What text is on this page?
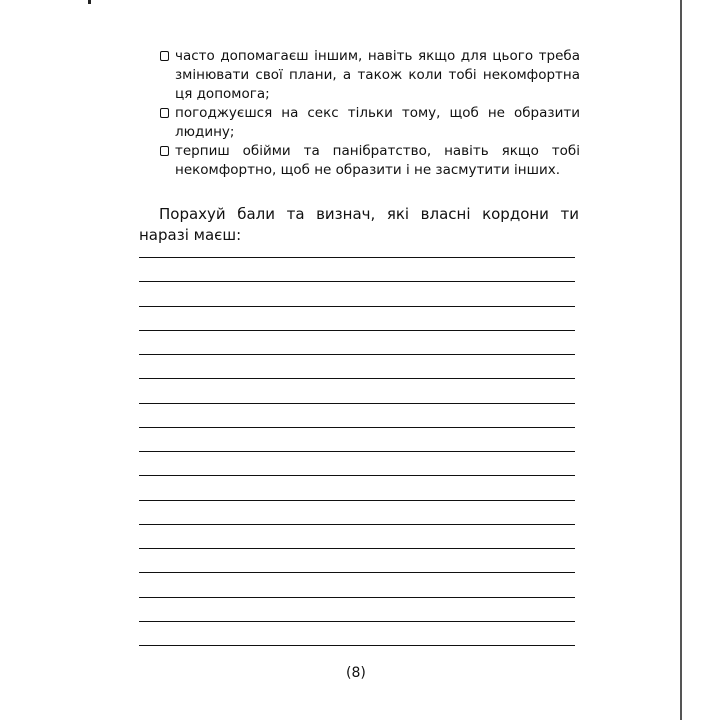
часто допомагаєш іншим, навіть якщо для цього треба змінювати свої плани, а також коли тобі некомфортна ця допомога;
погоджуєшся на секс тільки тому, щоб не образити людину;
терпиш обійми та панібратство, навіть якщо тобі некомфортно, щоб не образити і не засмутити інших.
Порахуй бали та визнач, які власні кордони ти наразі маєш:
(8)
